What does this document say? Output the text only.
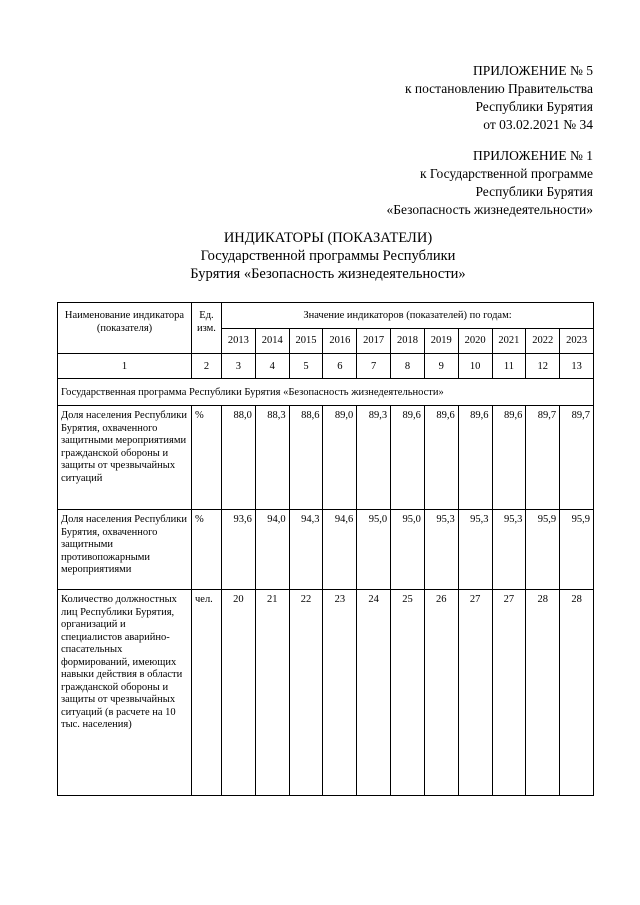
ПРИЛОЖЕНИЕ № 5
к постановлению Правительства
Республики Бурятия
от 03.02.2021 № 34
ПРИЛОЖЕНИЕ № 1
к Государственной программе
Республики Бурятия
«Безопасность жизнедеятельности»
ИНДИКАТОРЫ (ПОКАЗАТЕЛИ)
Государственной программы Республики
Бурятия «Безопасность жизнедеятельности»
Наименование индикатора (показателя)	Ед. изм.	Значение индикаторов (показателей) по годам:										
		2013	2014	2015	2016	2017	2018	2019	2020	2021	2022	2023
1	2	3	4	5	6	7	8	9	10	11	12	13
Государственная программа Республики Бурятия «Безопасность жизнедеятельности»												
Доля населения Республики Бурятия, охваченного защитными мероприятиями гражданской обороны и защиты от чрезвычайных ситуаций	%	88,0	88,3	88,6	89,0	89,3	89,6	89,6	89,6	89,6	89,7	89,7
Доля населения Республики Бурятия, охваченного защитными противопожарными мероприятиями	%	93,6	94,0	94,3	94,6	95,0	95,0	95,3	95,3	95,3	95,9	95,9
Количество должностных лиц Республики Бурятия, организаций и специалистов аварийно-спасательных формирований, имеющих навыки действия в области гражданской обороны и защиты от чрезвычайных ситуаций (в расчете на 10 тыс. населения)	чел.	20	21	22	23	24	25	26	27	27	28	28
